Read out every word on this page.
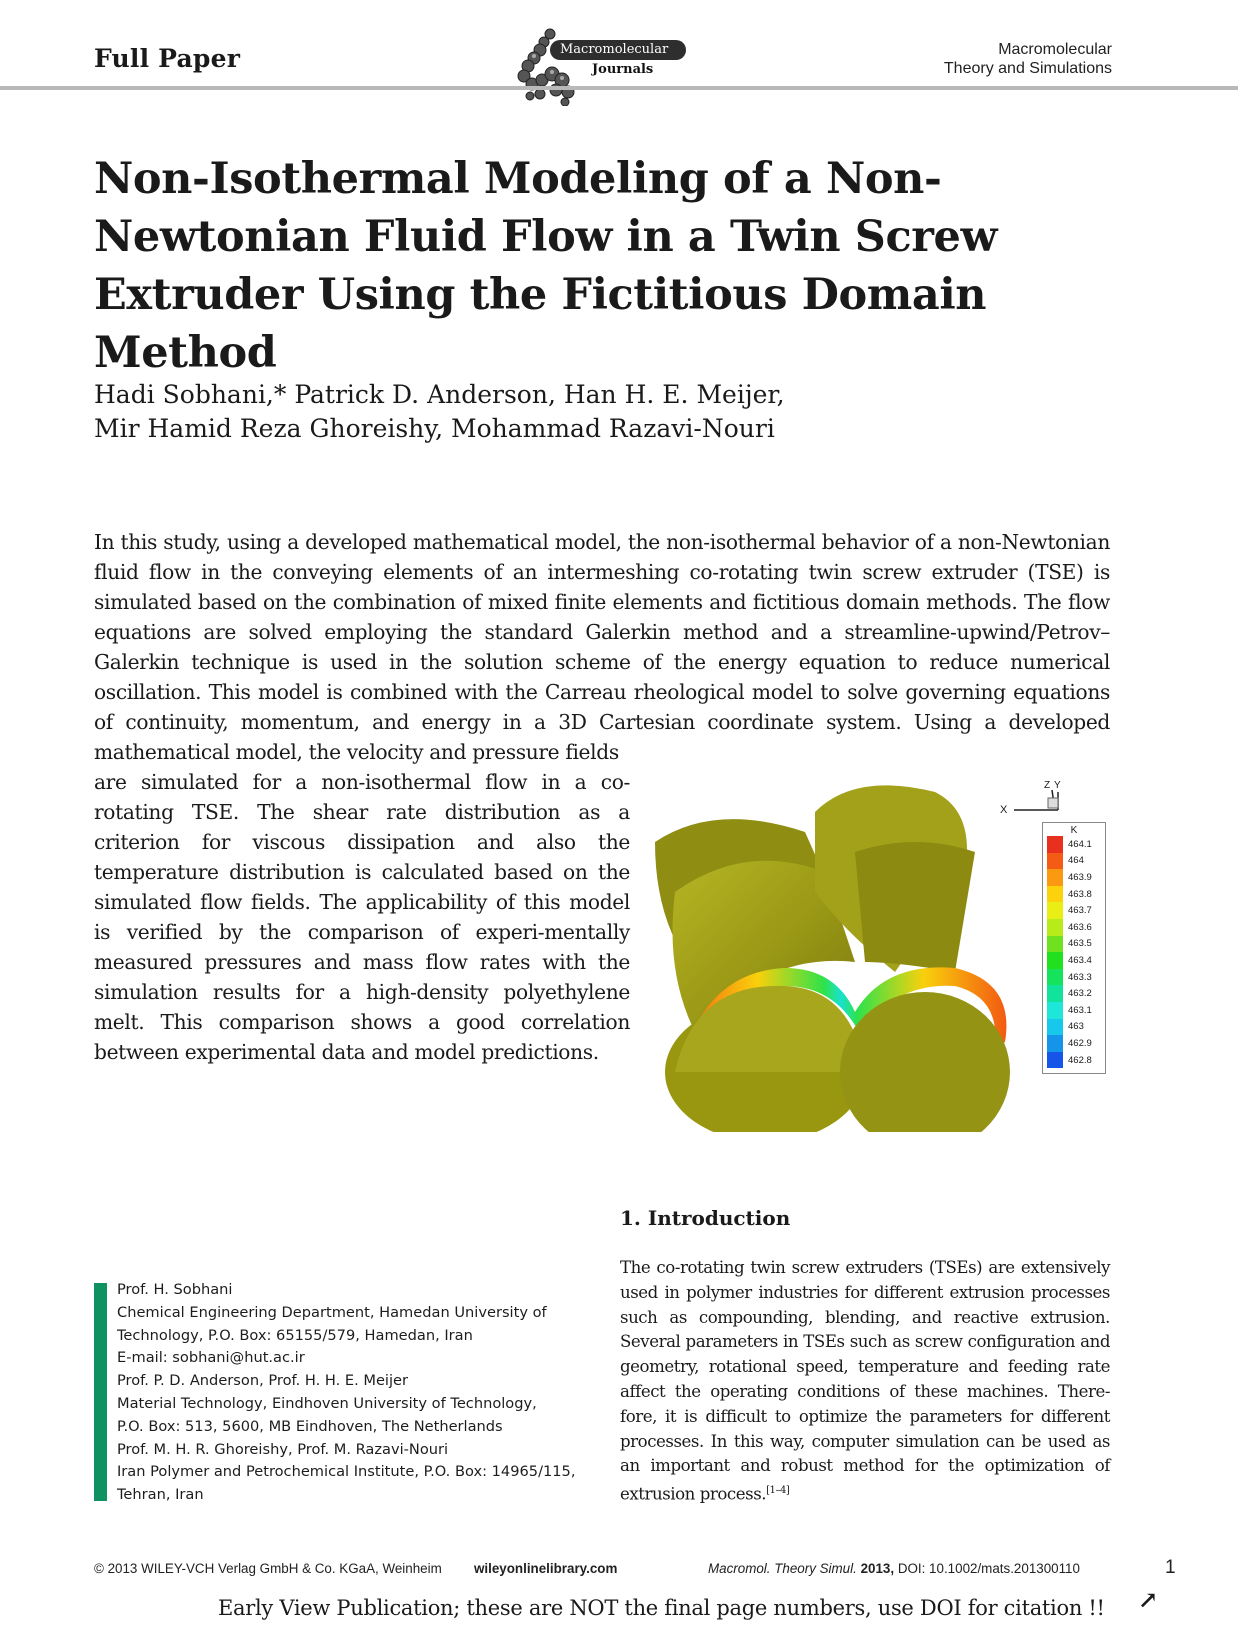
Full Paper	Macromolecular
Journals
Macromolecular
Theory and Simulations
Non-Isothermal Modeling of a Non-Newtonian Fluid Flow in a Twin Screw Extruder Using the Fictitious Domain Method
Hadi Sobhani,* Patrick D. Anderson, Han H. E. Meijer,
Mir Hamid Reza Ghoreishy, Mohammad Razavi-Nouri
In this study, using a developed mathematical model, the non-isothermal behavior of a non-Newtonian fluid flow in the conveying elements of an intermeshing co-rotating twin screw extruder (TSE) is simulated based on the combination of mixed finite elements and fictitious domain methods. The flow equations are solved employing the standard Galerkin method and a streamline-upwind/Petrov–Galerkin technique is used in the solution scheme of the energy equation to reduce numerical oscillation. This model is combined with the Carreau rheological model to solve governing equations of continuity, momentum, and energy in a 3D Cartesian coordinate system. Using a developed mathematical model, the velocity and pressure fields
are simulated for a non-isothermal flow in a co-rotating TSE. The shear rate distribution as a criterion for viscous dissipation and also the temperature distribution is calculated based on the simulated flow fields. The applicability of this model is verified by the comparison of experi-mentally measured pressures and mass flow rates with the simulation results for a high-density polyethylene melt. This comparison shows a good correlation between experimental data and model predictions.
Z Y
X
K
464.1
464
463.9
463.8
463.7
463.6
463.5
463.4
463.3
463.2
463.1
463
462.9
462.8
Prof. H. Sobhani
Chemical Engineering Department, Hamedan University of
Technology, P.O. Box: 65155/579, Hamedan, Iran
E-mail: sobhani@hut.ac.ir
Prof. P. D. Anderson, Prof. H. H. E. Meijer
Material Technology, Eindhoven University of Technology,
P.O. Box: 513, 5600, MB Eindhoven, The Netherlands
Prof. M. H. R. Ghoreishy, Prof. M. Razavi-Nouri
Iran Polymer and Petrochemical Institute, P.O. Box: 14965/115,
Tehran, Iran
1. Introduction
The co-rotating twin screw extruders (TSEs) are extensively used in polymer industries for different extrusion processes such as compounding, blending, and reactive extrusion. Several parameters in TSEs such as screw configuration and geometry, rotational speed, temperature and feeding rate affect the operating conditions of these machines. There-fore, it is difficult to optimize the parameters for different processes. In this way, computer simulation can be used as an important and robust method for the optimization of extrusion process.[1–4]
© 2013 WILEY-VCH Verlag GmbH & Co. KGaA, Weinheim wileyonlinelibrary.com	Macromol. Theory Simul. 2013, DOI: 10.1002/mats.201300110	1
Early View Publication; these are NOT the final page numbers, use DOI for citation !! ↗
